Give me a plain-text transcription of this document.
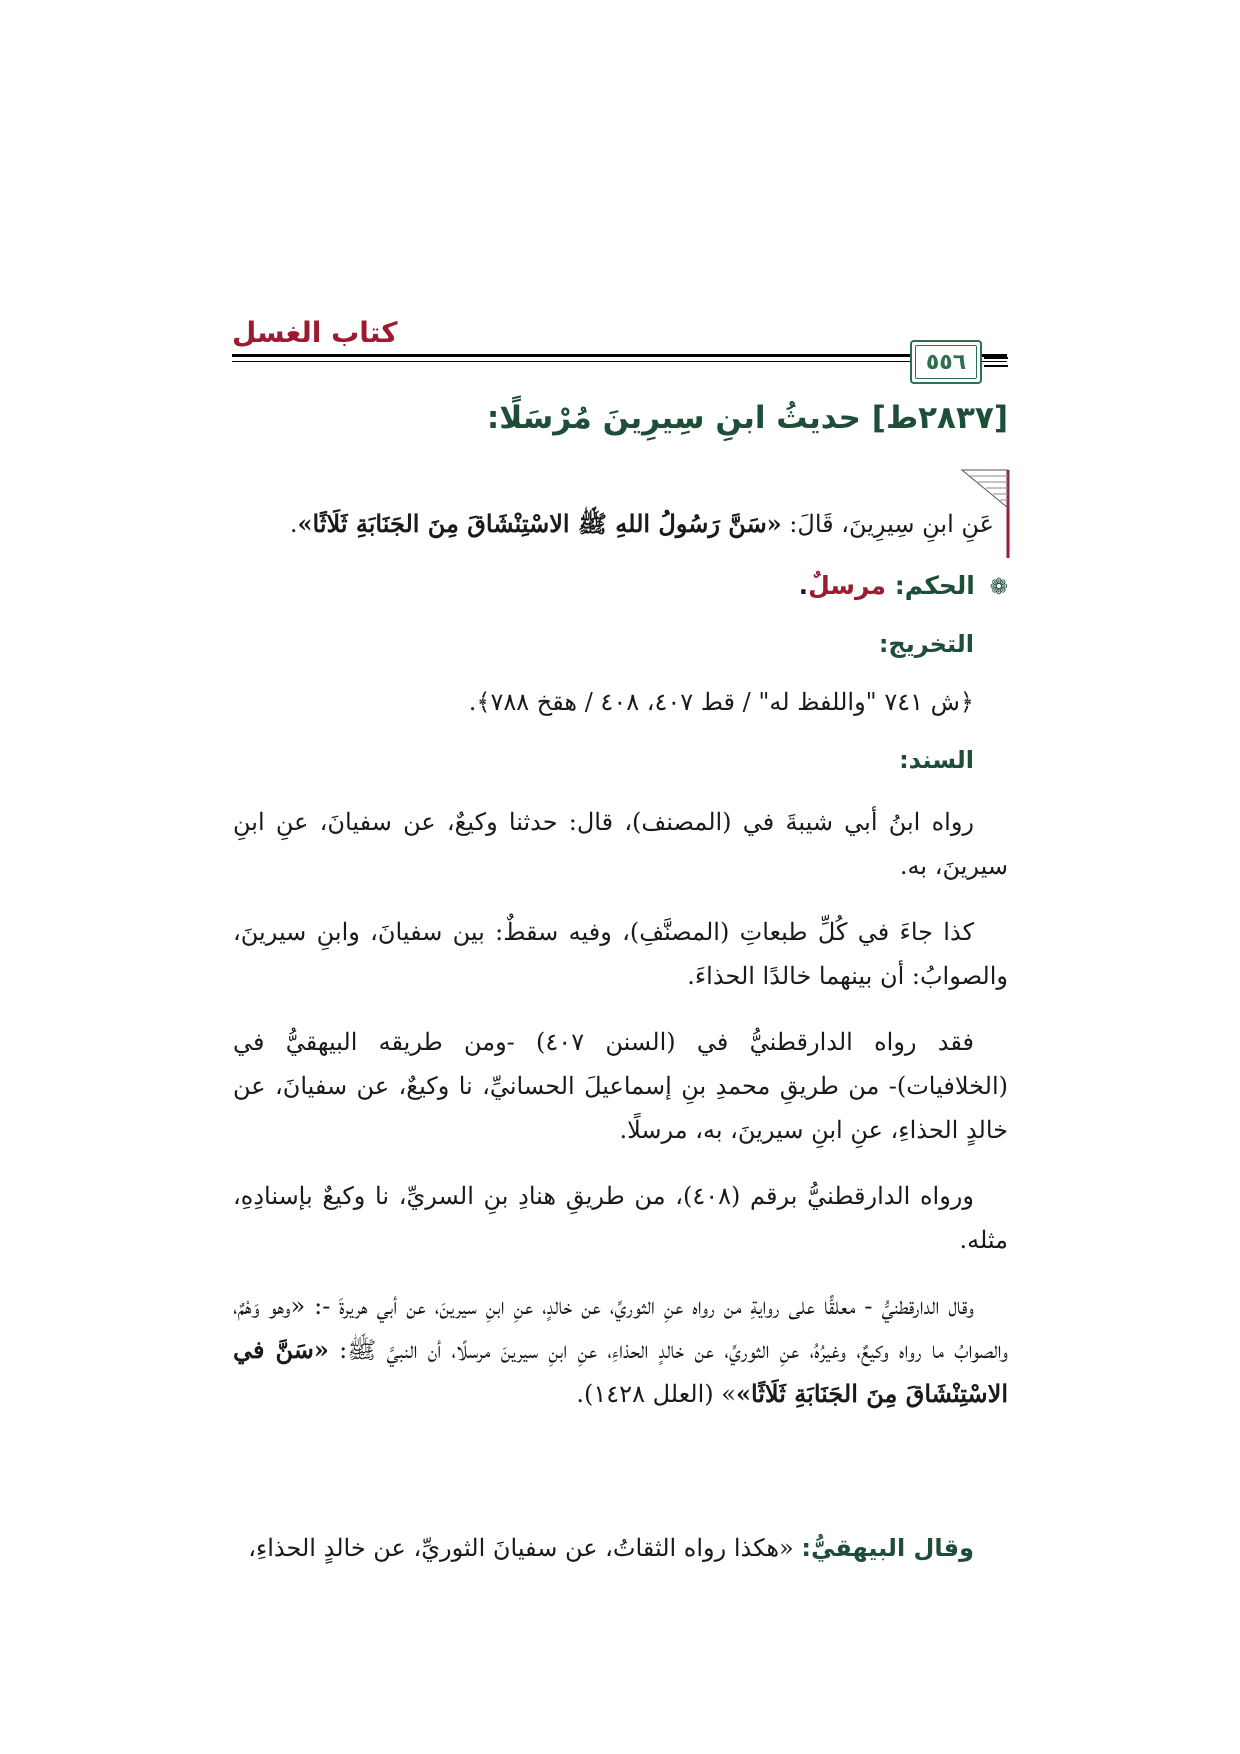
كتاب الغسل
٥٥٦
[٢٨٣٧ط] حديثُ ابنِ سِيرِينَ مُرْسَلًا:
عَنِ ابنِ سِيرِينَ، قَالَ: «سَنَّ رَسُولُ اللهِ ﷺ الاسْتِنْشَاقَ مِنَ الجَنَابَةِ ثَلَاثًا».
❁ الحكم: مرسلٌ.
التخريج:
﴿ش ٧٤١ "واللفظ له" / قط ٤٠٧، ٤٠٨ / هقخ ٧٨٨﴾.
السند:
رواه ابنُ أبي شيبةَ في (المصنف)، قال: حدثنا وكيعٌ، عن سفيانَ، عنِ ابنِ سيرينَ، به.
كذا جاءَ في كُلِّ طبعاتِ (المصنَّفِ)، وفيه سقطٌ: بين سفيانَ، وابنِ سيرينَ، والصوابُ: أن بينهما خالدًا الحذاءَ.
فقد رواه الدارقطنيُّ في (السنن ٤٠٧) -ومن طريقه البيهقيُّ في (الخلافيات)- من طريقِ محمدِ بنِ إسماعيلَ الحسانيِّ، نا وكيعٌ، عن سفيانَ، عن خالدٍ الحذاءِ، عنِ ابنِ سيرينَ، به، مرسلًا.
ورواه الدارقطنيُّ برقم (٤٠٨)، من طريقِ هنادِ بنِ السريِّ، نا وكيعٌ بإسنادِهِ، مثله.
وقال الدارقطنيُّ - معلقًّا على روايةِ من رواه عنِ الثوريِّ، عن خالدٍ، عنِ ابنِ سيرينَ، عن أبي هريرةَ -: «وهو وَهْمٌ، والصوابُ ما رواه وكيعٌ، وغيرُهُ، عنِ الثوريِّ، عن خالدٍ الحذاءِ، عنِ ابنِ سيرينَ مرسلًا، أن النبيَّ ﷺ: «سَنَّ في الاسْتِنْشَاقَ مِنَ الجَنَابَةِ ثَلَاثًا»» (العلل ١٤٢٨).
وقال البيهقيُّ: «هكذا رواه الثقاتُ، عن سفيانَ الثوريِّ، عن خالدٍ الحذاءِ،
